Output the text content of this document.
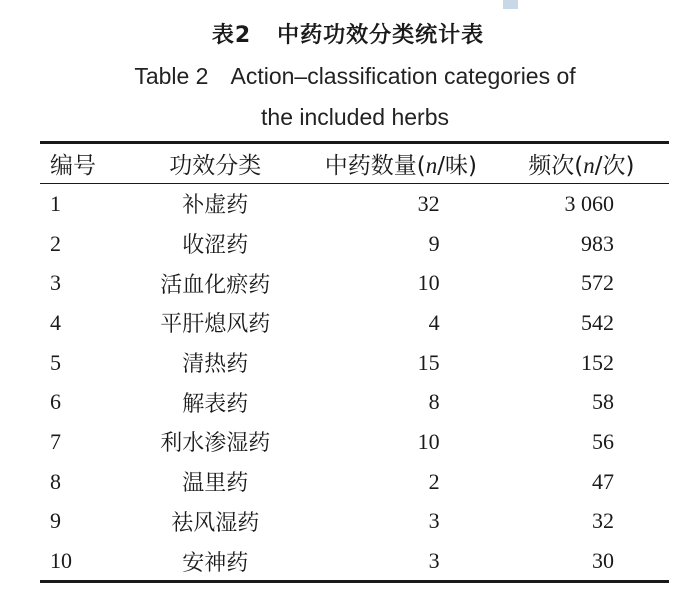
表2 中药功效分类统计表
Table 2 Action–classification categories of
the included herbs
编号	功效分类	中药数量(n/味)	频次(n/次)

1	补虚药	32	3 060
2	收涩药	9	983
3	活血化瘀药	10	572
4	平肝熄风药	4	542
5	清热药	15	152
6	解表药	8	58
7	利水渗湿药	10	56
8	温里药	2	47
9	祛风湿药	3	32
10	安神药	3	30
